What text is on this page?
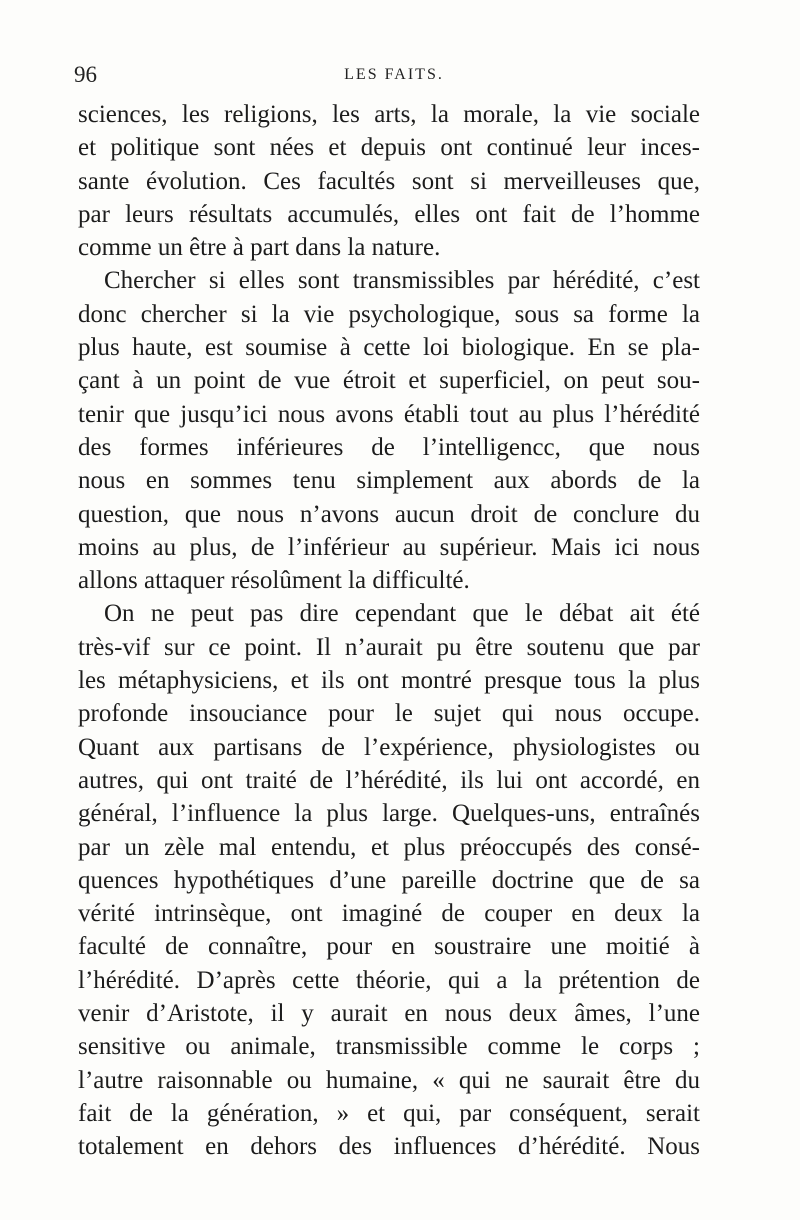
96	LES FAITS.
sciences, les religions, les arts, la morale, la vie sociale
et politique sont nées et depuis ont continué leur inces-
sante évolution. Ces facultés sont si merveilleuses que,
par leurs résultats accumulés, elles ont fait de l’homme
comme un être à part dans la nature.
Chercher si elles sont transmissibles par hérédité, c’est
donc chercher si la vie psychologique, sous sa forme la
plus haute, est soumise à cette loi biologique. En se pla-
çant à un point de vue étroit et superficiel, on peut sou-
tenir que jusqu’ici nous avons établi tout au plus l’hérédité
des formes inférieures de l’intelligencc, que nous
nous en sommes tenu simplement aux abords de la
question, que nous n’avons aucun droit de conclure du
moins au plus, de l’inférieur au supérieur. Mais ici nous
allons attaquer résolûment la difficulté.
On ne peut pas dire cependant que le débat ait été
très-vif sur ce point. Il n’aurait pu être soutenu que par
les métaphysiciens, et ils ont montré presque tous la plus
profonde insouciance pour le sujet qui nous occupe.
Quant aux partisans de l’expérience, physiologistes ou
autres, qui ont traité de l’hérédité, ils lui ont accordé, en
général, l’influence la plus large. Quelques-uns, entraînés
par un zèle mal entendu, et plus préoccupés des consé-
quences hypothétiques d’une pareille doctrine que de sa
vérité intrinsèque, ont imaginé de couper en deux la
faculté de connaître, pour en soustraire une moitié à
l’hérédité. D’après cette théorie, qui a la prétention de
venir d’Aristote, il y aurait en nous deux âmes, l’une
sensitive ou animale, transmissible comme le corps ;
l’autre raisonnable ou humaine, « qui ne saurait être du
fait de la génération, » et qui, par conséquent, serait
totalement en dehors des influences d’hérédité. Nous
